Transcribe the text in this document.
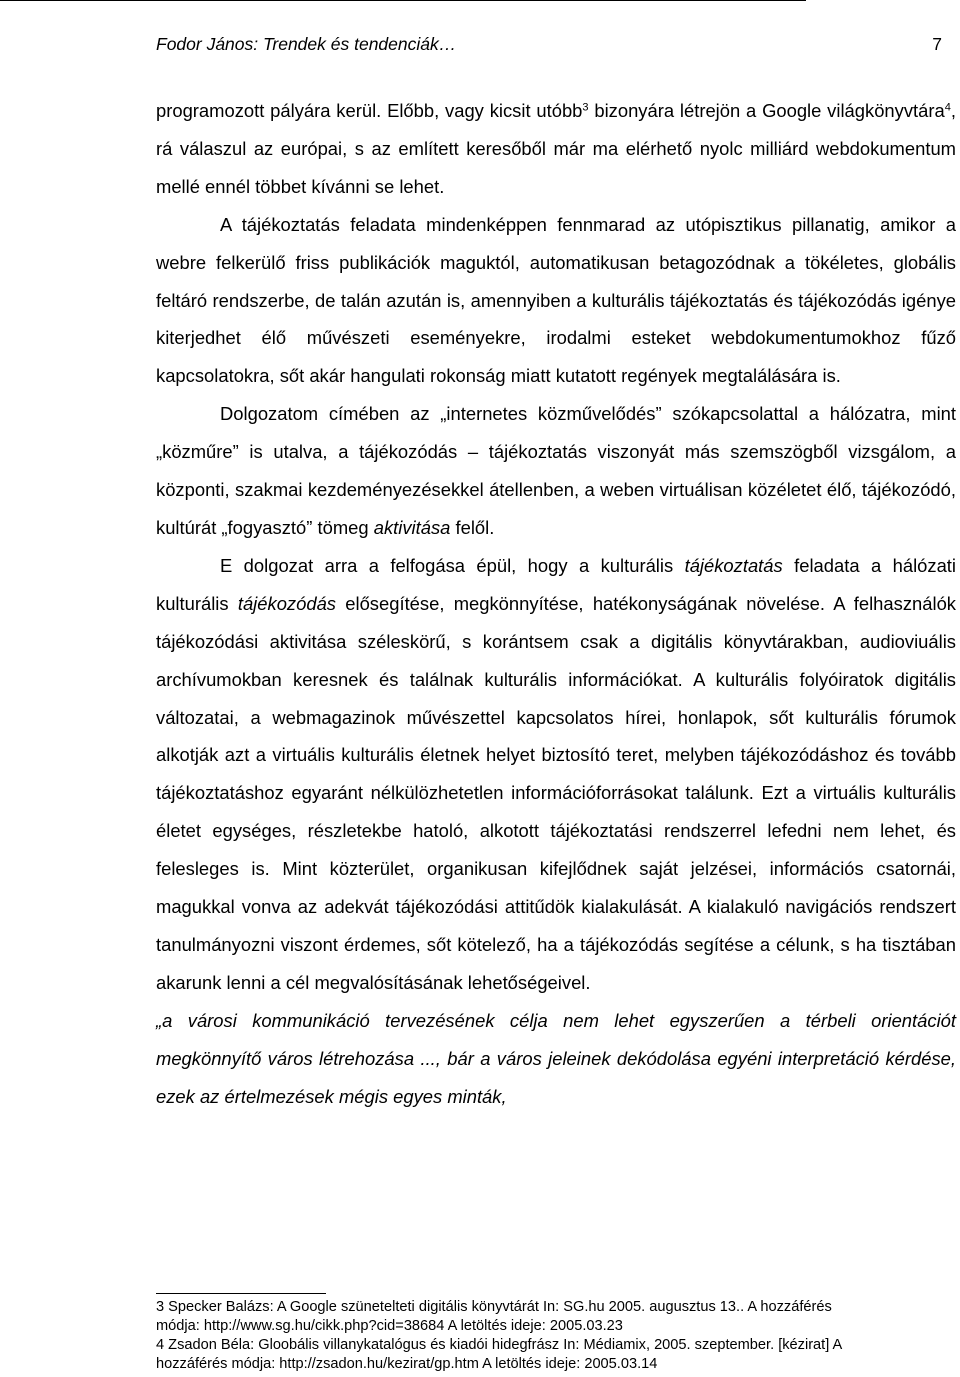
Fodor János: Trendek és tendenciák…	7

programozott pályára kerül. Előbb, vagy kicsit utóbb$^3$ bizonyára létrejön a Google világkönyvtára$^4$, rá válaszul az európai, s az említett keresőből már ma elérhető nyolc milliárd webdokumentum mellé ennél többet kívánni se lehet.

A tájékoztatás feladata mindenképpen fennmarad az utópisztikus pillanatig, amikor a webre felkerülő friss publikációk maguktól, automatikusan betagozódnak a tökéletes, globális feltáró rendszerbe, de talán azután is, amennyiben a kulturális tájékoztatás és tájékozódás igénye kiterjedhet élő művészeti eseményekre, irodalmi esteket webdokumentumokhoz fűző kapcsolatokra, sőt akár hangulati rokonság miatt kutatott regények megtalálására is.

Dolgozatom címében az „internetes közművelődés” szókapcsolattal a hálózatra, mint „közműre” is utalva, a tájékozódás – tájékoztatás viszonyát más szemszögből vizsgálom, a központi, szakmai kezdeményezésekkel átellenben, a weben virtuálisan közéletet élő, tájékozódó, kultúrát „fogyasztó” tömeg aktivitása felől.

E dolgozat arra a felfogása épül, hogy a kulturális tájékoztatás feladata a hálózati kulturális tájékozódás elősegítése, megkönnyítése, hatékonyságának növelése. A felhasználók tájékozódási aktivitása széleskörű, s korántsem csak a digitális könyvtárakban, audioviuális archívumokban keresnek és találnak kulturális információkat. A kulturális folyóiratok digitális változatai, a webmagazinok művészettel kapcsolatos hírei, honlapok, sőt kulturális fórumok alkotják azt a virtuális kulturális életnek helyet biztosító teret, melyben tájékozódáshoz és tovább tájékoztatáshoz egyaránt nélkülözhetetlen információforrásokat találunk. Ezt a virtuális kulturális életet egységes, részletekbe hatoló, alkotott tájékoztatási rendszerrel lefedni nem lehet, és felesleges is. Mint közterület, organikusan kifejlődnek saját jelzései, információs csatornái, magukkal vonva az adekvát tájékozódási attitűdök kialakulását. A kialakuló navigációs rendszert tanulmányozni viszont érdemes, sőt kötelező, ha a tájékozódás segítése a célunk, s ha tisztában akarunk lenni a cél megvalósításának lehetőségeivel.

„a városi kommunikáció tervezésének célja nem lehet egyszerűen a térbeli orientációt megkönnyítő város létrehozása ..., bár a város jeleinek dekódolása egyéni interpretáció kérdése, ezek az értelmezések mégis egyes minták,

3 Specker Balázs: A Google szünetelteti digitális könyvtárát In: SG.hu 2005. augusztus 13.. A hozzáférés

módja: http://www.sg.hu/cikk.php?cid=38684 A letöltés ideje: 2005.03.23

4 Zsadon Béla: Gloobális villanykatalógus és kiadói hidegfrász In: Médiamix, 2005. szeptember. [kézirat] A

hozzáférés módja: http://zsadon.hu/kezirat/gp.htm A letöltés ideje: 2005.03.14
